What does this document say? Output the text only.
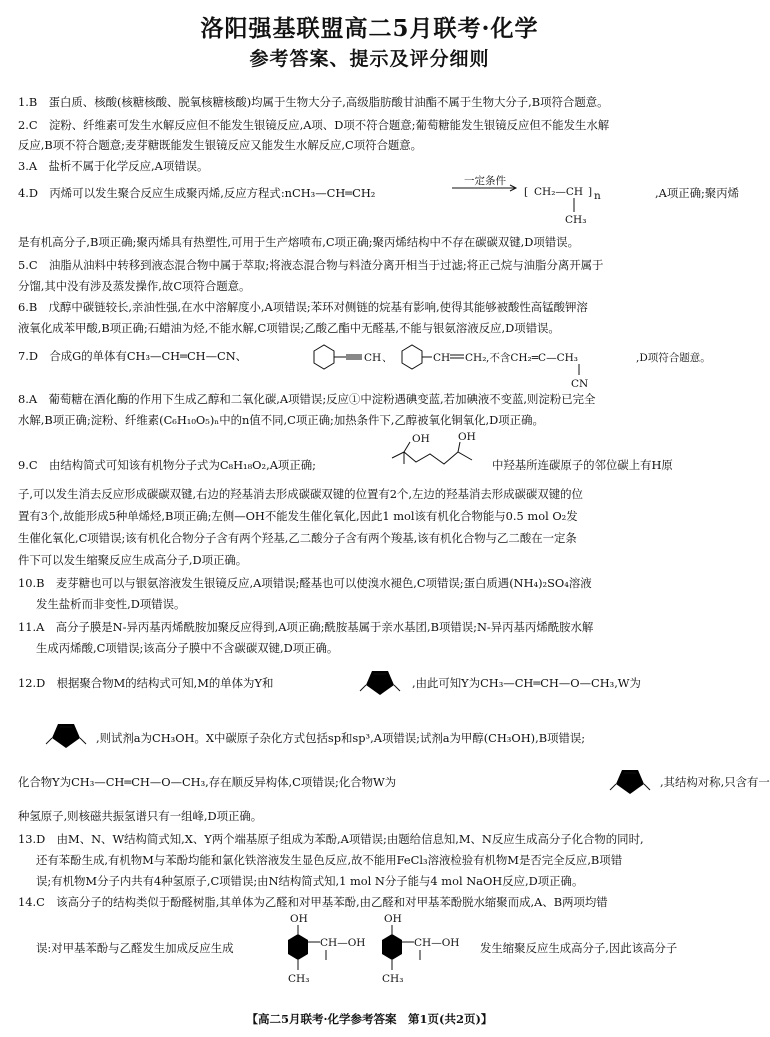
洛阳强基联盟高二5月联考·化学
参考答案、提示及评分细则
1.B　蛋白质、核酸(核糖核酸、脱氧核糖核酸)均属于生物大分子,高级脂肪酸甘油酯不属于生物大分子,B项符合题意。
2.C　淀粉、纤维素可发生水解反应但不能发生银镜反应,A项、D项不符合题意;葡萄糖能发生银镜反应但不能发生水解
反应,B项不符合题意;麦芽糖既能发生银镜反应又能发生水解反应,C项符合题意。
3.A　盐析不属于化学反应,A项错误。
4.D　丙烯可以发生聚合反应生成聚丙烯,反应方程式:nCH₃—CH═CH₂
一定条件
[ CH₂—CH ] n
CH₃
,A项正确;聚丙烯
是有机高分子,B项正确;聚丙烯具有热塑性,可用于生产熔喷布,C项正确;聚丙烯结构中不存在碳碳双键,D项错误。
5.C　油脂从油料中转移到液态混合物中属于萃取;将液态混合物与料渣分离开相当于过滤;将正己烷与油脂分离开属于
分馏,其中没有涉及蒸发操作,故C项符合题意。
6.B　戊醇中碳链较长,亲油性强,在水中溶解度小,A项错误;苯环对侧链的烷基有影响,使得其能够被酸性高锰酸钾溶
液氧化成苯甲酸,B项正确;石蜡油为烃,不能水解,C项错误;乙酸乙酯中无醛基,不能与银氨溶液反应,D项错误。
7.D　合成G的单体有CH₃—CH═CH—CN、	CH 、	CH CH₂ ,不含CH₂═C—CH₃
CN
,D项符合题意。
8.A　葡萄糖在酒化酶的作用下生成乙醇和二氧化碳,A项错误;反应①中淀粉遇碘变蓝,若加碘液不变蓝,则淀粉已完全
水解,B项正确;淀粉、纤维素(C₆H₁₀O₅)ₙ中的n值不同,C项正确;加热条件下,乙醇被氧化铜氧化,D项正确。
9.C　由结构简式可知该有机物分子式为C₈H₁₈O₂,A项正确;
OH	OH
中羟基所连碳原子的邻位碳上有H原
子,可以发生消去反应形成碳碳双键,右边的羟基消去形成碳碳双键的位置有2个,左边的羟基消去形成碳碳双键的位
置有3个,故能形成5种单烯烃,B项正确;左侧—OH不能发生催化氧化,因此1 mol该有机化合物能与0.5 mol O₂发
生催化氧化,C项错误;该有机化合物分子含有两个羟基,乙二酸分子含有两个羧基,该有机化合物与乙二酸在一定条
件下可以发生缩聚反应生成高分子,D项正确。
10.B　麦芽糖也可以与银氨溶液发生银镜反应,A项错误;醛基也可以使溴水褪色,C项错误;蛋白质遇(NH₄)₂SO₄溶液
发生盐析而非变性,D项错误。
11.A　高分子膜是N-异丙基丙烯酰胺加聚反应得到,A项正确;酰胺基属于亲水基团,B项错误;N-异丙基丙烯酰胺水解
生成丙烯酸,C项错误;该高分子膜中不含碳碳双键,D项正确。
12.D　根据聚合物M的结构式可知,M的单体为Y和	,由此可知Y为CH₃—CH═CH—O—CH₃,W为
,则试剂a为CH₃OH。X中碳原子杂化方式包括sp和sp³,A项错误;试剂a为甲醇(CH₃OH),B项错误;
化合物Y为CH₃—CH═CH—O—CH₃,存在顺反异构体,C项错误;化合物W为	,其结构对称,只含有一
种氢原子,则核磁共振氢谱只有一组峰,D项正确。
13.D　由M、N、W结构简式知,X、Y两个端基原子组成为苯酚,A项错误;由题给信息知,M、N反应生成高分子化合物的同时,
还有苯酚生成,有机物M与苯酚均能和氯化铁溶液发生显色反应,故不能用FeCl₃溶液检验有机物M是否完全反应,B项错
误;有机物M分子内共有4种氢原子,C项错误;由N结构简式知,1 mol N分子能与4 mol NaOH反应,D项正确。
14.C　该高分子的结构类似于酚醛树脂,其单体为乙醛和对甲基苯酚,由乙醛和对甲基苯酚脱水缩聚而成,A、B两项均错
误:对甲基苯酚与乙醛发生加成反应生成
OH
CH—OH
CH₃
OH
CH—OH
CH₃
发生缩聚反应生成高分子,因此该高分子
【高二5月联考·化学参考答案　第1页(共2页)】
